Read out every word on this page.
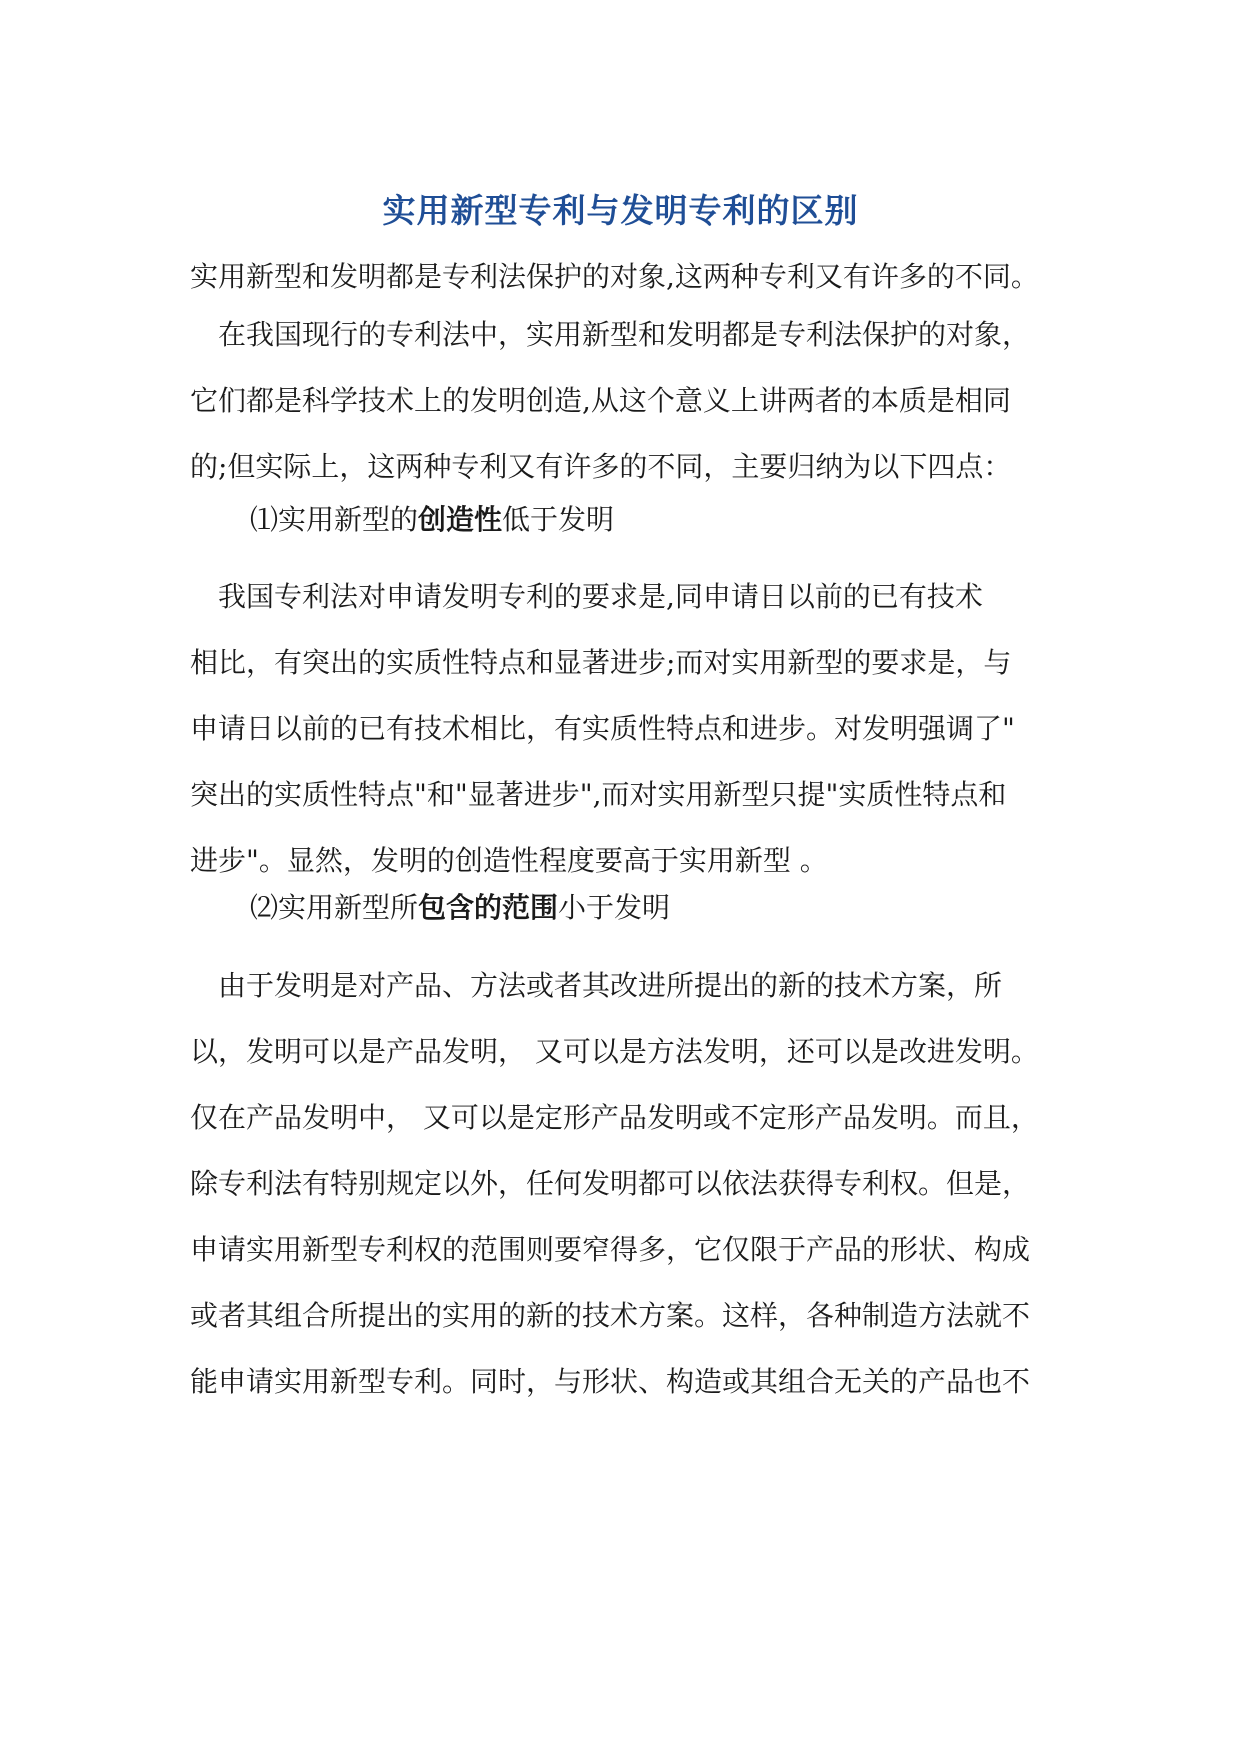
实用新型专利与发明专利的区别

实用新型和发明都是专利法保护的对象,这两种专利又有许多的不同。

　在我国现行的专利法中，实用新型和发明都是专利法保护的对象，
它们都是科学技术上的发明创造,从这个意义上讲两者的本质是相同
的;但实际上，这两种专利又有许多的不同，主要归纳为以下四点：

⑴实用新型的创造性低于发明

　我国专利法对申请发明专利的要求是,同申请日以前的已有技术
相比，有突出的实质性特点和显著进步;而对实用新型的要求是，与
申请日以前的已有技术相比，有实质性特点和进步。对发明强调了"
突出的实质性特点"和"显著进步",而对实用新型只提"实质性特点和
进步"。显然，发明的创造性程度要高于实用新型 。

⑵实用新型所包含的范围小于发明

　由于发明是对产品、方法或者其改进所提出的新的技术方案，所
以，发明可以是产品发明， 又可以是方法发明，还可以是改进发明。
仅在产品发明中， 又可以是定形产品发明或不定形产品发明。而且，
除专利法有特别规定以外，任何发明都可以依法获得专利权。但是，
申请实用新型专利权的范围则要窄得多，它仅限于产品的形状、构成
或者其组合所提出的实用的新的技术方案。这样，各种制造方法就不
能申请实用新型专利。同时，与形状、构造或其组合无关的产品也不
